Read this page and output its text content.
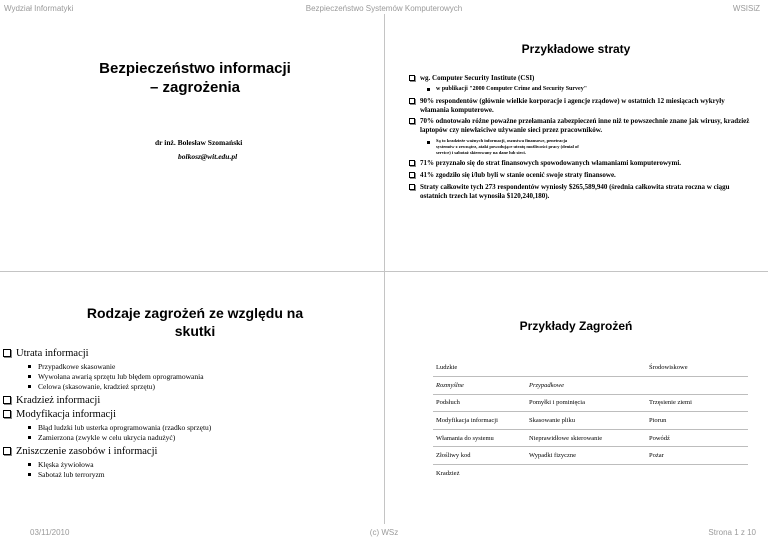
Wydział Informatyki	Bezpieczeństwo Systemów Komputerowych	WSISiZ
Bezpieczeństwo informacji
– zagrożenia
dr inż. Bolesław Szomański
bolkosz@wit.edu.pl
Przykładowe straty
wg. Computer Security Institute (CSI)
w publikacji "2000 Computer Crime and Security Survey"
90% respondentów (głównie wielkie korporacje i agencje rządowe) w ostatnich 12 miesiącach wykryły włamania komputerowe.
70% odnotowało różne poważne przełamania zabezpieczeń inne niż te powszechnie znane jak wirusy, kradzież laptopów czy niewłaściwe używanie sieci przez pracowników.
Są to kradzieże ważnych informacji, oszustwa finansowe, penetracja systemów z zewnątrz, ataki powodujące utratę możliwości pracy (denial of service) i sabotaż skierowany na dane lub sieci.
71% przyznało się do strat finansowych spowodowanych włamaniami komputerowymi.
41% zgodziło się i/lub byli w stanie ocenić swoje straty finansowe.
Straty całkowite tych 273 respondentów wyniosły $265,589,940 (średnia całkowita strata roczna w ciągu ostatnich trzech lat wynosiła $120,240,180).
Rodzaje zagrożeń ze względu na
skutki
Utrata informacji
Przypadkowe skasowanie
Wywołana awarią sprzętu lub błędem oprogramowania
Celowa (skasowanie, kradzież sprzętu)
Kradzież informacji
Modyfikacja informacji
Błąd ludzki lub usterka oprogramowania (rzadko sprzętu)
Zamierzona (zwykle w celu ukrycia nadużyć)
Zniszczenie zasobów i informacji
Klęska żywiołowa
Sabotaż lub terroryzm
Przykłady Zagrożeń
Ludzkie		Środowiskowe
Rozmyślne	Przypadkowe	
Podsłuch	Pomyłki i pominięcia	Trzęsienie ziemi
Modyfikacja informacji	Skasowanie pliku	Piorun
Włamania do systemu	Nieprawidłowe skierowanie	Powódź
Złośliwy kod	Wypadki fizyczne	Pożar
Kradzież		
03/11/2010	(c) WSz	Strona 1 z 10
